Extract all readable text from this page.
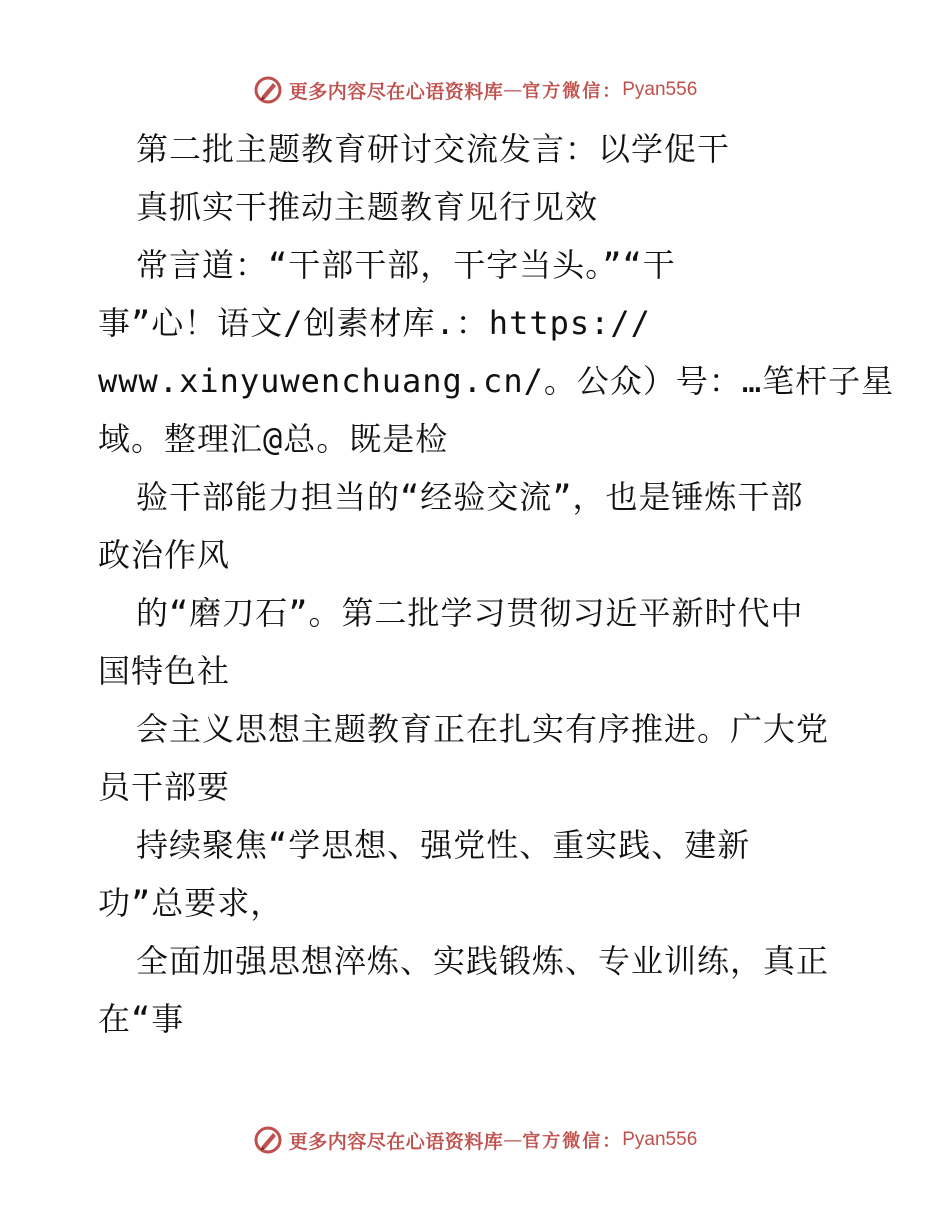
更多内容尽在心语资料库 — 官方微信： Pyan556
第二批主题教育研讨交流发言：以学促干
真抓实干推动主题教育见行见效
常言道：“干部干部，干字当头。”“干
事”心！语文/创素材库.：https://
www.xinyuwenchuang.cn/。公众）号：…笔杆子星
域。整理汇@总。既是检
验干部能力担当的“经验交流”，也是锤炼干部
政治作风
的“磨刀石”。第二批学习贯彻习近平新时代中
国特色社
会主义思想主题教育正在扎实有序推进。广大党
员干部要
持续聚焦“学思想、强党性、重实践、建新
功”总要求，
全面加强思想淬炼、实践锻炼、专业训练，真正
在“事
更多内容尽在心语资料库 — 官方微信： Pyan556
